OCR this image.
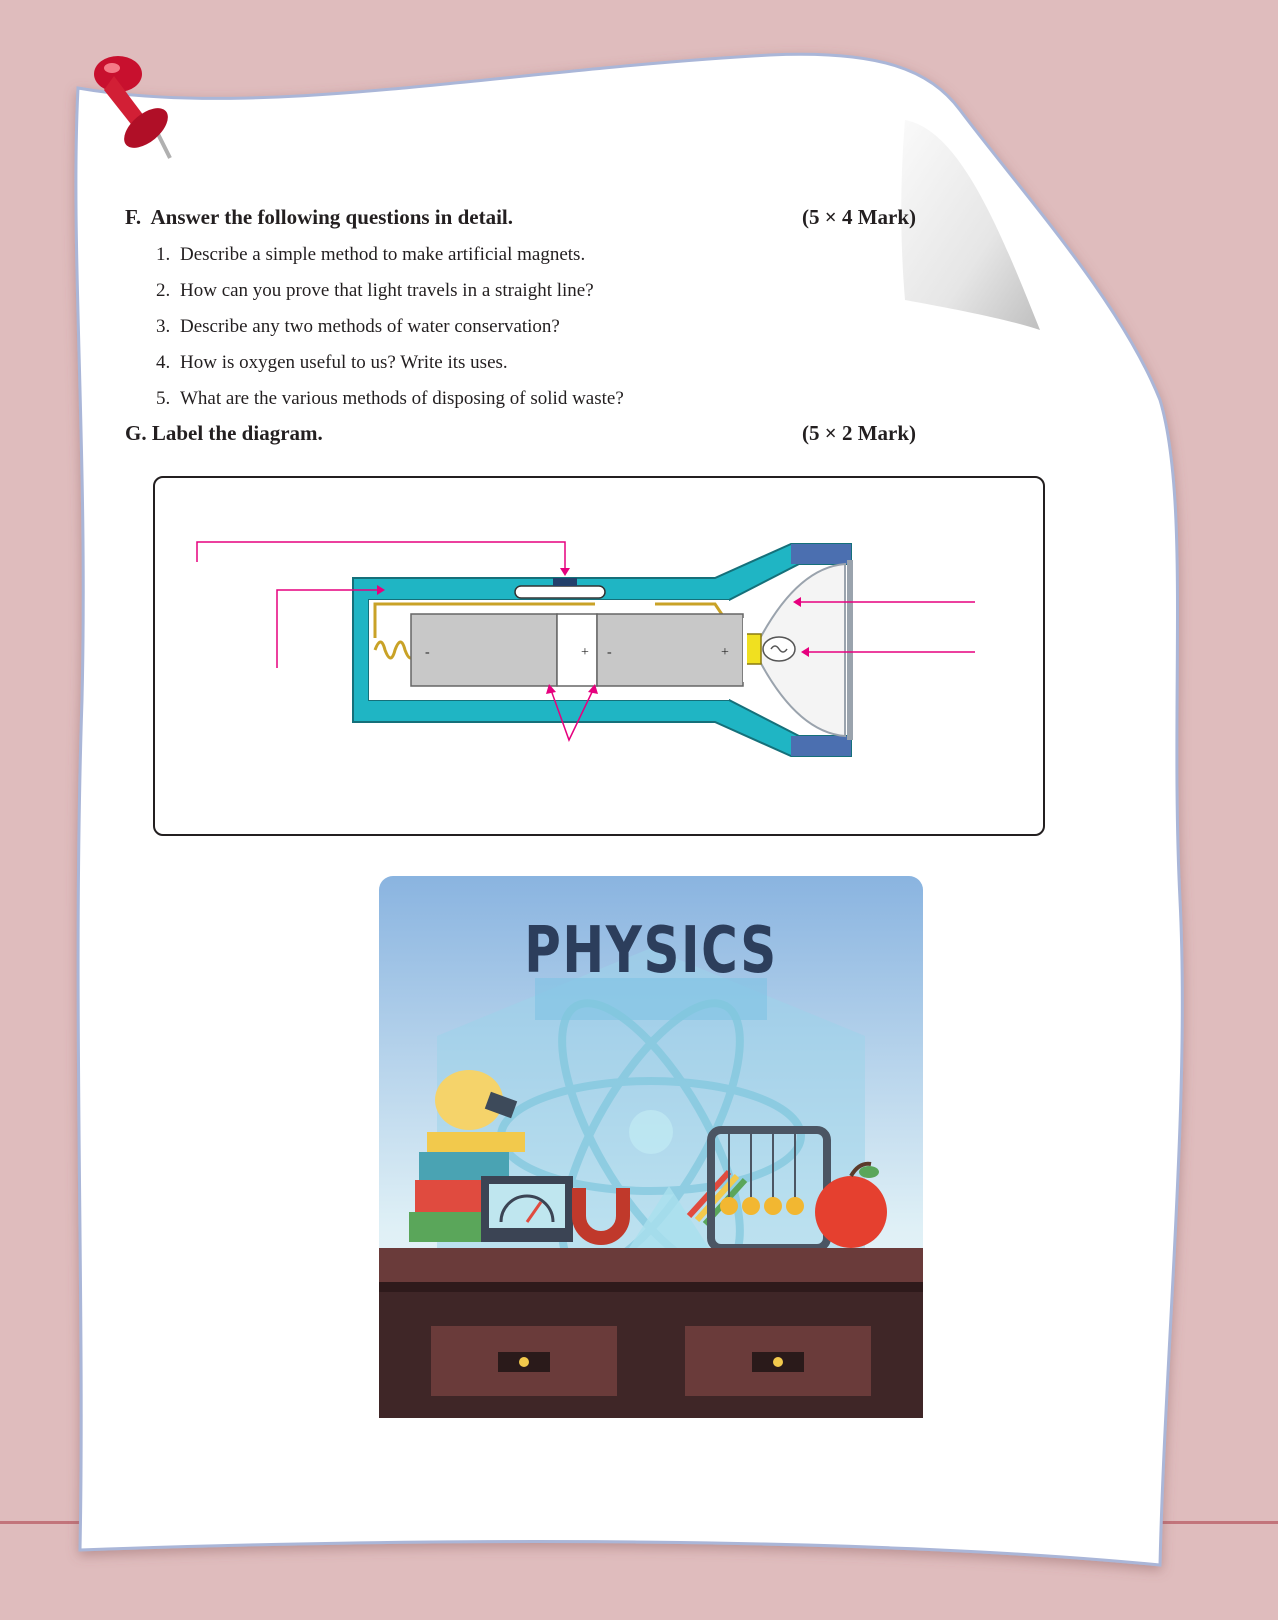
F. Answer the following questions in detail.	(5 × 4 Mark)
1. Describe a simple method to make artificial magnets.
2. How can you prove that light travels in a straight line?
3. Describe any two methods of water conservation?
4. How is oxygen useful to us? Write its uses.
5. What are the various methods of disposing of solid waste?
G. Label the diagram.	(5 × 2 Mark)
-	+ -	+
PHYSICS
